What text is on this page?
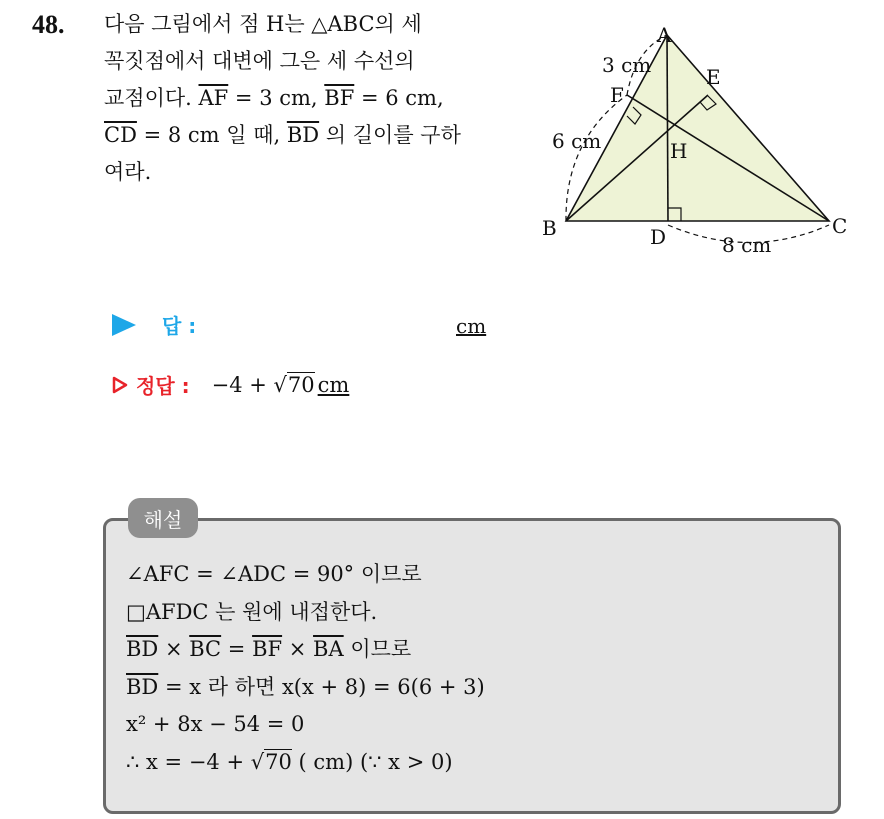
48. 다음 그림에서 점 H는 △ABC의 세
꼭짓점에서 대변에 그은 세 수선의
교점이다. $\overline{AF} = 3$ cm, $\overline{BF} = 6$ cm,
$\overline{CD} = 8$ cm 일 때, $\overline{BD}$ 의 길이를 구하
여라.
A
B	C
D
E
F
H
3 cm
6 cm
8 cm
답 :	cm
정답 : −4 + √70 cm
해설
∠AFC = ∠ADC = 90° 이므로
□AFDC 는 원에 내접한다.
$\overline{BD} \times \overline{BC} = \overline{BF} \times \overline{BA}$ 이므로
$\overline{BD} = x$ 라 하면 x(x + 8) = 6(6 + 3)
x² + 8x − 54 = 0
∴ x = −4 + √70 ( cm) (∵ x > 0)
